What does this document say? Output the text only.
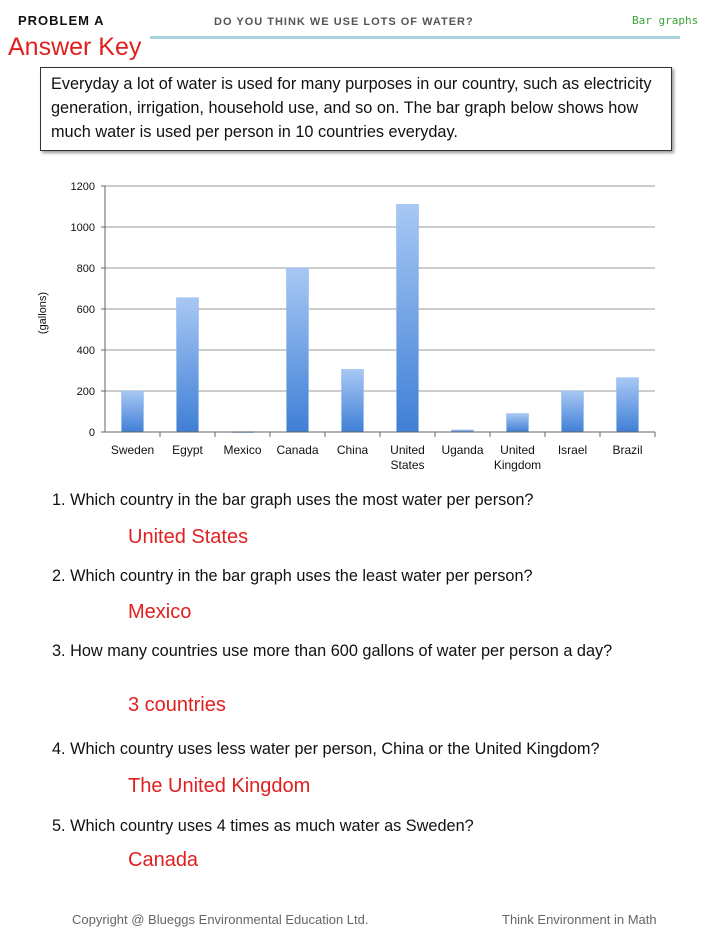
PROBLEM A	DO YOU THINK WE USE LOTS OF WATER?	Bar graphs
Answer Key
Everyday a lot of water is used for many purposes in our country, such as electricity generation, irrigation, household use, and so on. The bar graph below shows how much water is used per person in 10 countries everyday.
0
200
400
600
800
1000
1200
Sweden Egypt Mexico Canada China United States
Uganda	United Kingdom
Israel Brazil
(gallons)
1. Which country in the bar graph uses the most water per person?
United States
2. Which country in the bar graph uses the least water per person?
Mexico
3. How many countries use more than 600 gallons of water per person a day?
3 countries
4. Which country uses less water per person, China or the United Kingdom?
The United Kingdom
5. Which country uses 4 times as much water as Sweden?
Canada
Copyright @ Blueggs Environmental Education Ltd.	Think Environment in Math
